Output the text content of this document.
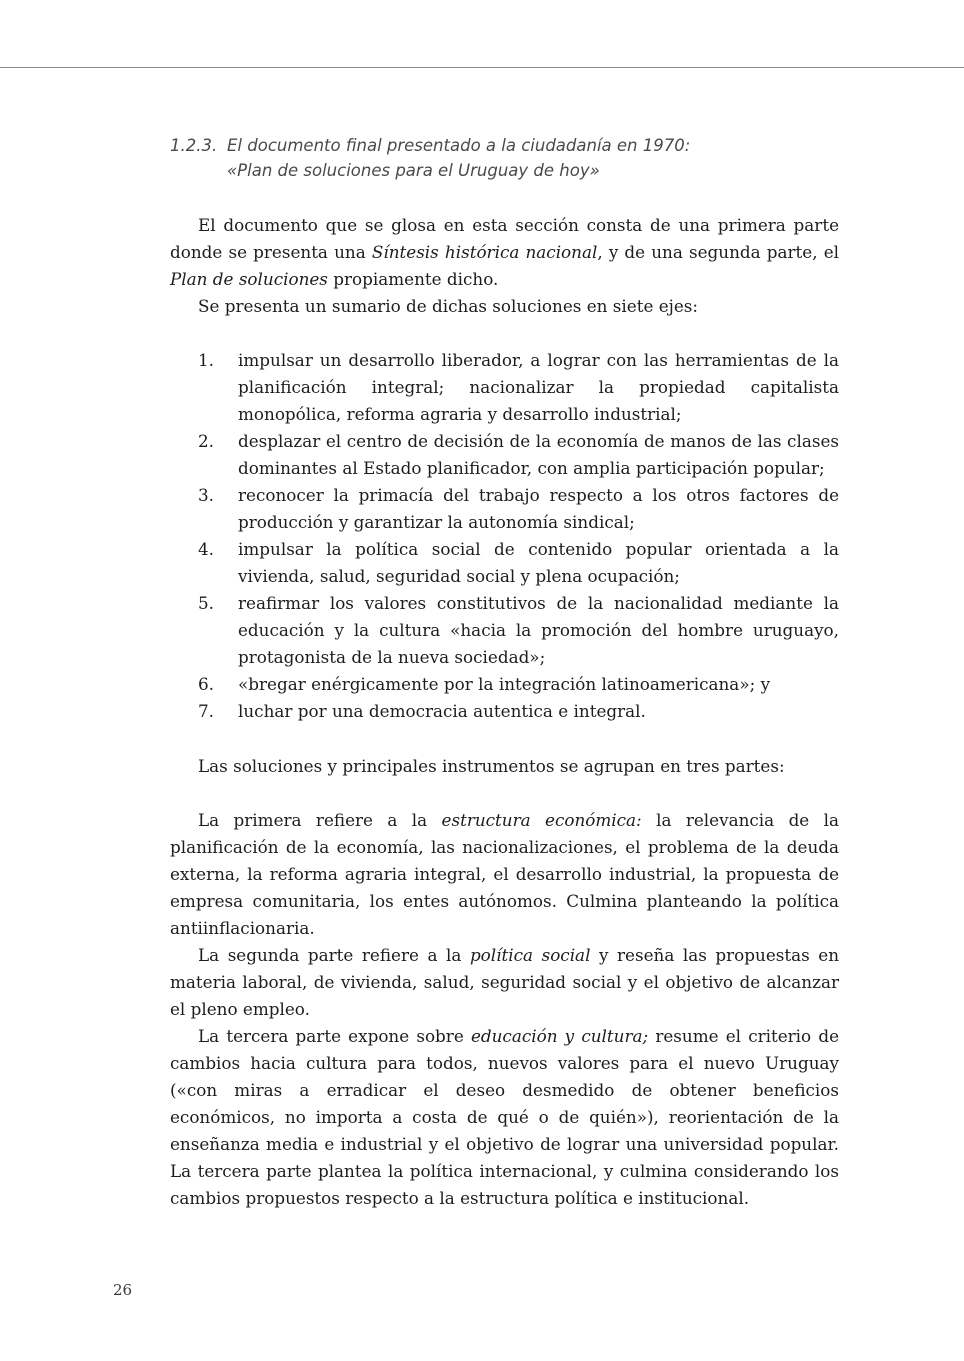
1.2.3. El documento final presentado a la ciudadanía en 1970:
«Plan de soluciones para el Uruguay de hoy»

El documento que se glosa en esta sección consta de una primera parte donde se presenta una Síntesis histórica nacional, y de una segunda parte, el Plan de soluciones propiamente dicho.

Se presenta un sumario de dichas soluciones en siete ejes:

1. impulsar un desarrollo liberador, a lograr con las herramientas de la planificación integral; nacionalizar la propiedad capitalista monopólica, reforma agraria y desarrollo industrial;
2. desplazar el centro de decisión de la economía de manos de las clases dominantes al Estado planificador, con amplia participación popular;
3. reconocer la primacía del trabajo respecto a los otros factores de producción y garantizar la autonomía sindical;
4. impulsar la política social de contenido popular orientada a la vivienda, salud, seguridad social y plena ocupación;
5. reafirmar los valores constitutivos de la nacionalidad mediante la educación y la cultura «hacia la promoción del hombre uruguayo, protagonista de la nueva sociedad»;
6. «bregar enérgicamente por la integración latinoamericana»; y
7. luchar por una democracia autentica e integral.

Las soluciones y principales instrumentos se agrupan en tres partes:

La primera refiere a la estructura económica: la relevancia de la planificación de la economía, las nacionalizaciones, el problema de la deuda externa, la reforma agraria integral, el desarrollo industrial, la propuesta de empresa comunitaria, los entes autónomos. Culmina planteando la política antiinflacionaria.

La segunda parte refiere a la política social y reseña las propuestas en materia laboral, de vivienda, salud, seguridad social y el objetivo de alcanzar el pleno empleo.

La tercera parte expone sobre educación y cultura; resume el criterio de cambios hacia cultura para todos, nuevos valores para el nuevo Uruguay («con miras a erradicar el deseo desmedido de obtener beneficios económicos, no importa a costa de qué o de quién»), reorientación de la enseñanza media e industrial y el objetivo de lograr una universidad popular. La tercera parte plantea la política internacional, y culmina considerando los cambios propuestos respecto a la estructura política e institucional.

26
